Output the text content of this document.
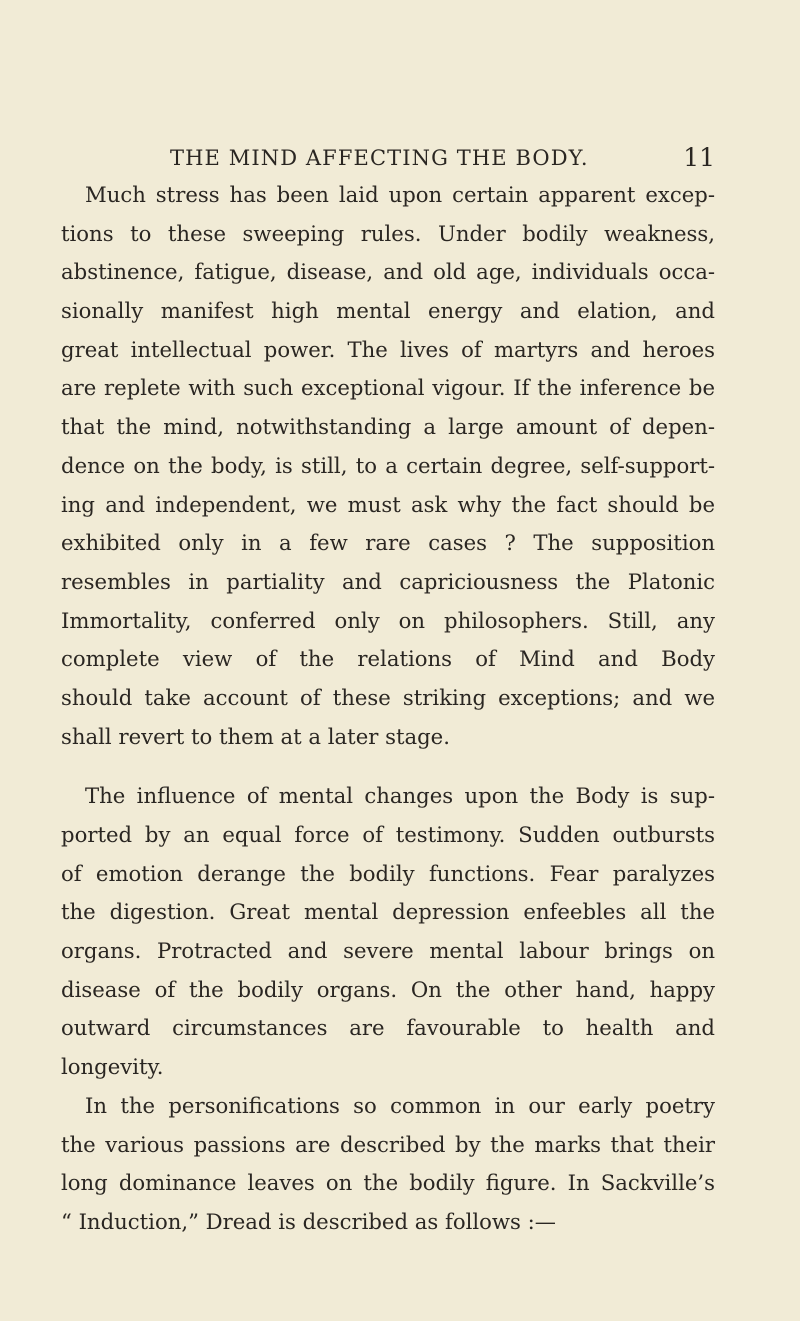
THE MIND AFFECTING THE BODY.	11
Much stress has been laid upon certain apparent excep-
tions to these sweeping rules. Under bodily weakness,
abstinence, fatigue, disease, and old age, individuals occa-
sionally manifest high mental energy and elation, and
great intellectual power. The lives of martyrs and heroes
are replete with such exceptional vigour. If the inference be
that the mind, notwithstanding a large amount of depen-
dence on the body, is still, to a certain degree, self-support-
ing and independent, we must ask why the fact should be
exhibited only in a few rare cases ? The supposition
resembles in partiality and capriciousness the Platonic
Immortality, conferred only on philosophers. Still, any
complete view of the relations of Mind and Body
should take account of these striking exceptions; and we
shall revert to them at a later stage.
The influence of mental changes upon the Body is sup-
ported by an equal force of testimony. Sudden outbursts
of emotion derange the bodily functions. Fear paralyzes
the digestion. Great mental depression enfeebles all the
organs. Protracted and severe mental labour brings on
disease of the bodily organs. On the other hand, happy
outward circumstances are favourable to health and
longevity.
In the personifications so common in our early poetry
the various passions are described by the marks that their
long dominance leaves on the bodily figure. In Sackville’s
“ Induction,” Dread is described as follows :—
